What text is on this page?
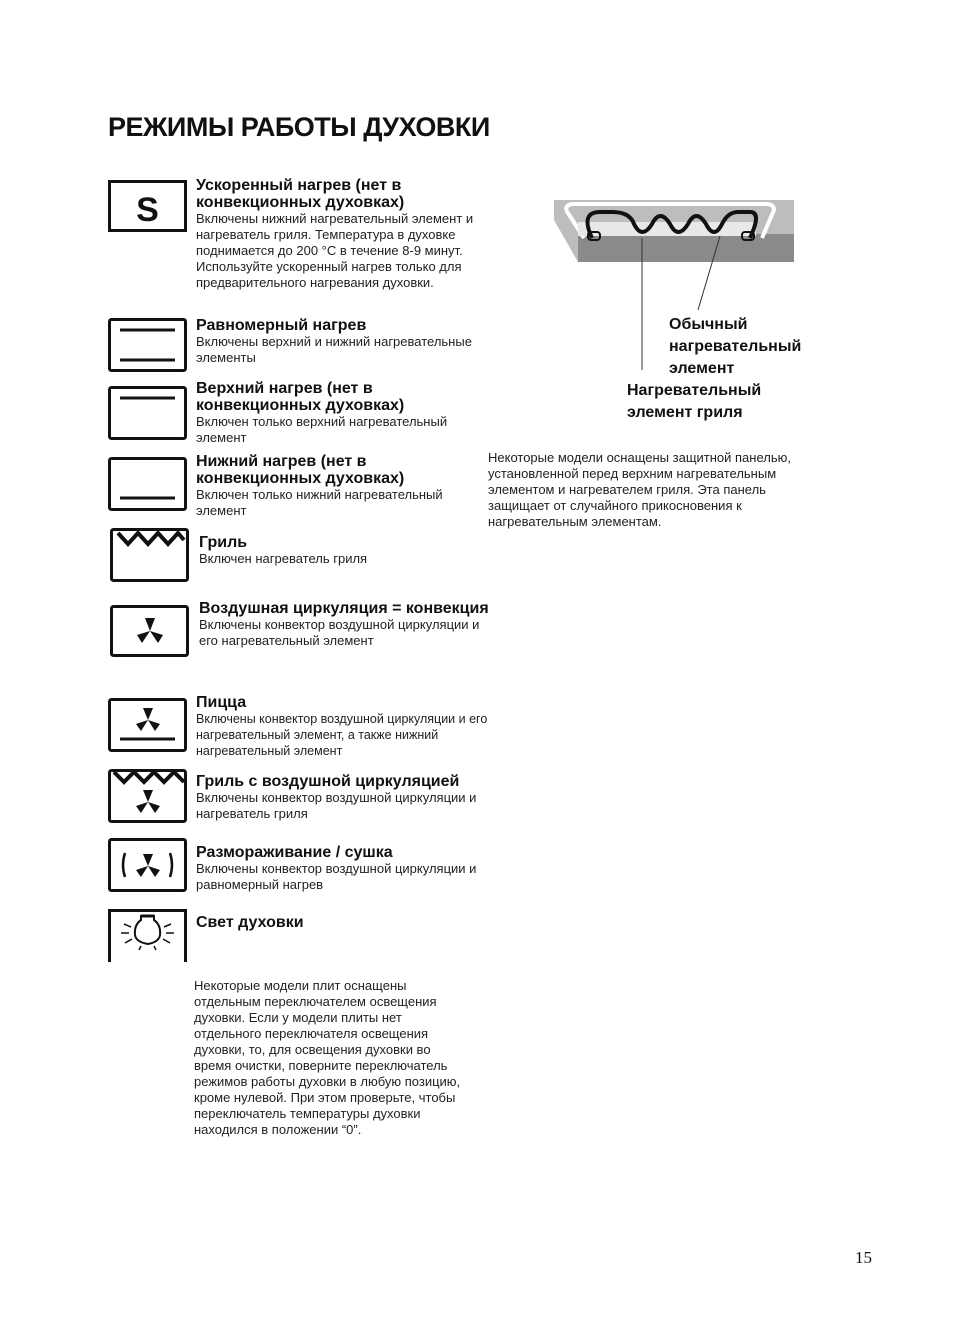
РЕЖИМЫ РАБОТЫ ДУХОВКИ
S
Ускоренный нагрев (нет в конвекционных духовках)

Включены нижний нагревательный элемент и нагреватель гриля. Температура в духовке поднимается до 200 °С в течение 8-9 минут. Используйте ускоренный нагрев только для предварительного нагревания духовки.

Равномерный нагрев

Включены верхний и нижний нагревательные элементы

Верхний нагрев (нет в конвекционных духовках)

Включен только верхний нагревательный элемент

Нижний нагрев (нет в конвекционных духовках)

Включен только нижний нагревательный элемент

Гриль

Включен нагреватель гриля

Воздушная циркуляция = конвекция

Включены конвектор воздушной циркуляции и его нагревательный элемент

Пицца

Включены конвектор воздушной циркуляции и его нагревательный элемент, а также нижний нагревательный элемент

Гриль с воздушной циркуляцией

Включены конвектор воздушной циркуляции и нагреватель гриля

Размораживание / сушка

Включены конвектор воздушной циркуляции и равномерный нагрев

Свет духовки

Некоторые модели плит оснащены отдельным переключателем освещения духовки. Если у модели плиты нет отдельного переключателя освещения духовки, то, для освещения духовки во время очистки, поверните переключатель режимов работы духовки в любую позицию, кроме нулевой. При этом проверьте, чтобы переключатель температуры духовки находился в положении “0”.

Обычный нагревательный элемент

Нагревательный элемент гриля

Некоторые модели оснащены защитной панелью, установленной перед верхним нагревательным элементом и нагревателем гриля. Эта панель защищает от случайного прикосновения к нагревательным элементам.

15
